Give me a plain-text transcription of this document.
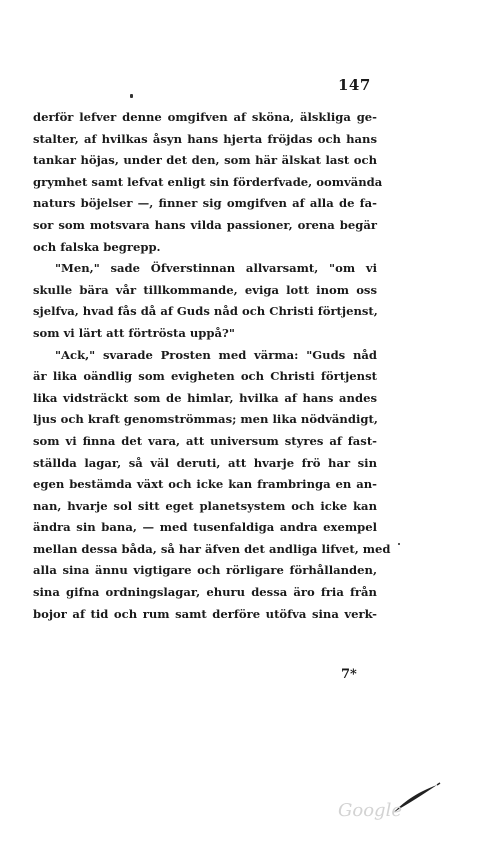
147
derför lefver denne omgifven af sköna, älskliga ge-
stalter, af hvilkas åsyn hans hjerta fröjdas och hans
tankar höjas, under det den, som här älskat last och
grymhet samt lefvat enligt sin förderfvade, oomvända
naturs böjelser —, finner sig omgifven af alla de fa-
sor som motsvara hans vilda passioner, orena begär
och falska begrepp.
"Men," sade Öfverstinnan allvarsamt, "om vi
skulle bära vår tillkommande, eviga lott inom oss
sjelfva, hvad fås då af Guds nåd och Christi förtjenst,
som vi lärt att förtrösta uppå?"
"Ack," svarade Prosten med värma: "Guds nåd
är lika oändlig som evigheten och Christi förtjenst
lika vidsträckt som de himlar, hvilka af hans andes
ljus och kraft genomströmmas; men lika nödvändigt,
som vi finna det vara, att universum styres af fast-
ställda lagar, så väl deruti, att hvarje frö har sin
egen bestämda växt och icke kan frambringa en an-
nan, hvarje sol sitt eget planetsystem och icke kan
ändra sin bana, — med tusenfaldiga andra exempel
mellan dessa båda, så har äfven det andliga lifvet, med
alla sina ännu vigtigare och rörligare förhållanden,
sina gifna ordningslagar, ehuru dessa äro fria från
bojor af tid och rum samt derföre utöfva sina verk-
7*
Google
